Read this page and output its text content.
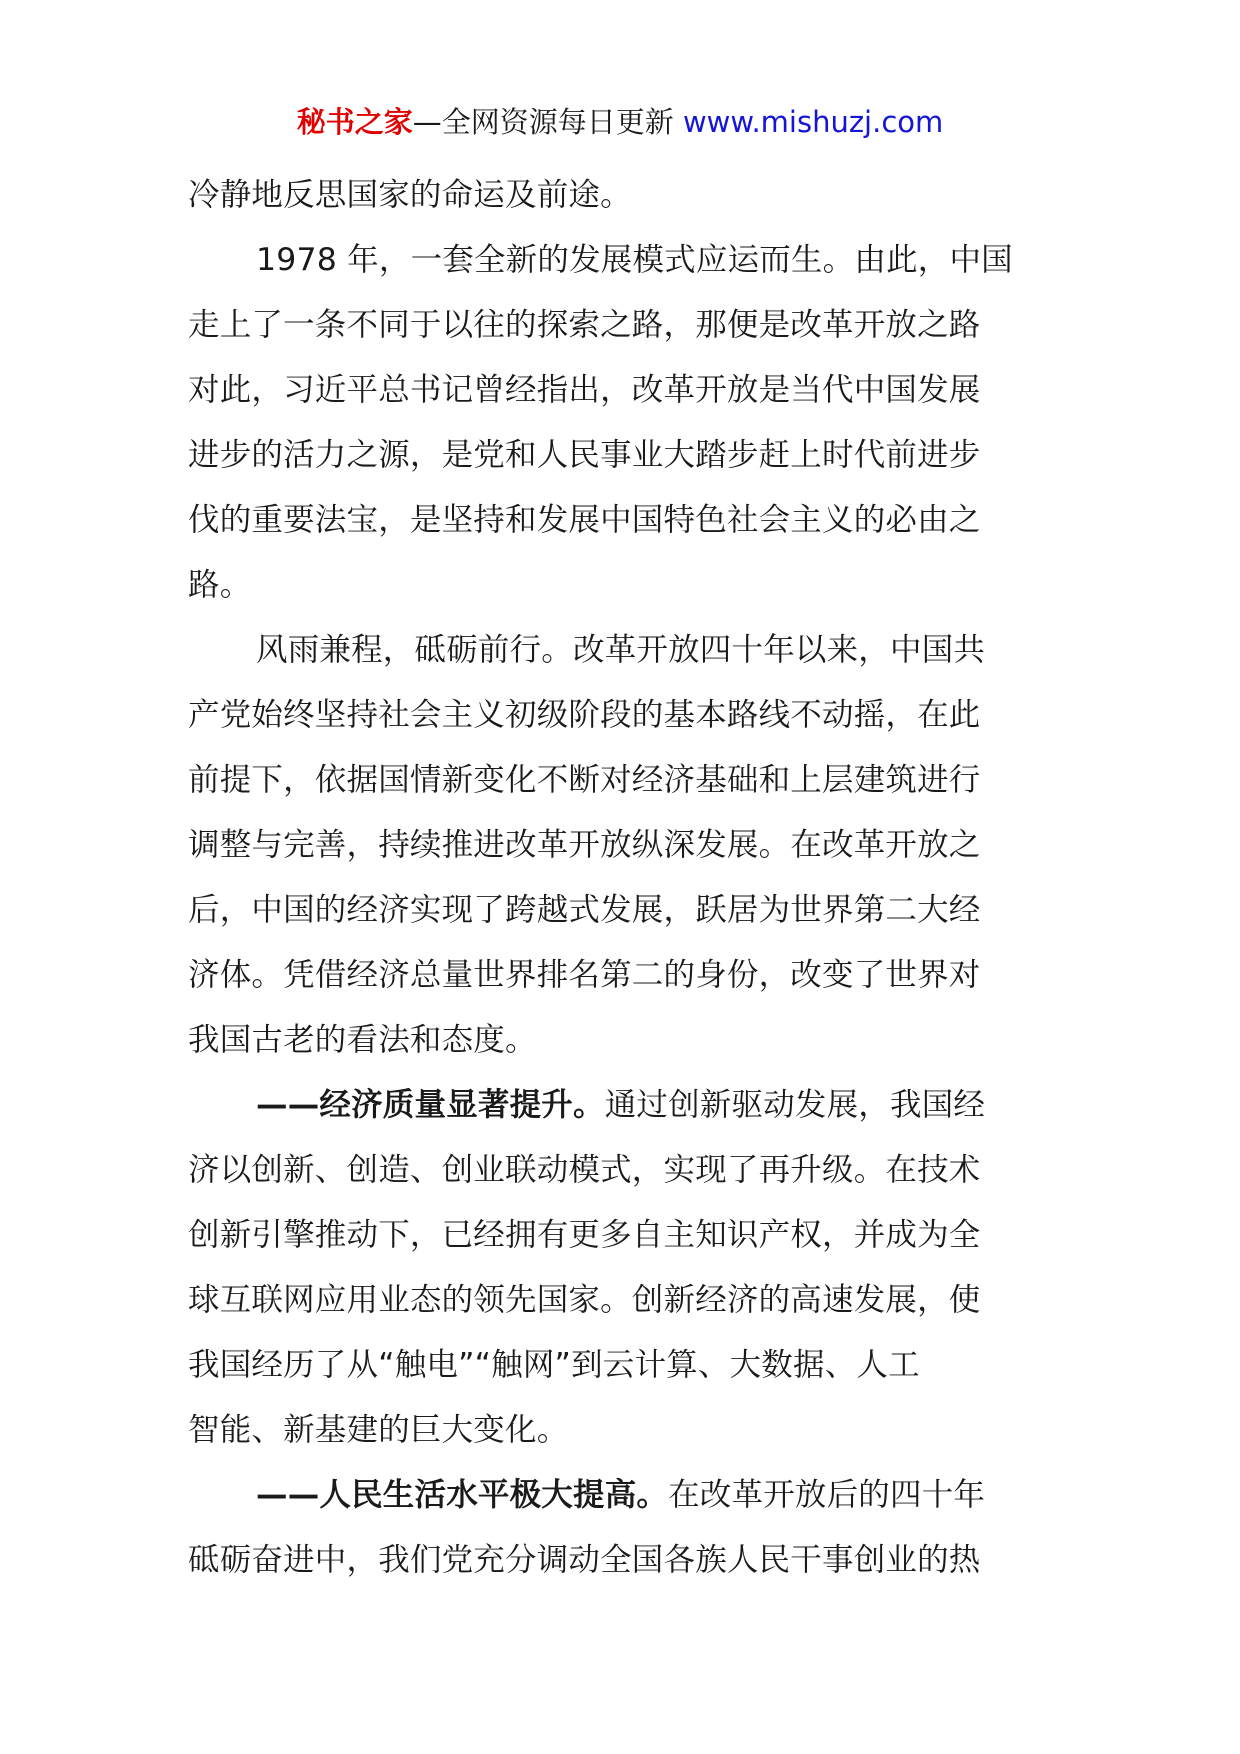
秘书之家—全网资源每日更新 www.mishuzj.com
冷静地反思国家的命运及前途。
1978 年，一套全新的发展模式应运而生。由此，中国
走上了一条不同于以往的探索之路，那便是改革开放之路
对此，习近平总书记曾经指出，改革开放是当代中国发展
进步的活力之源，是党和人民事业大踏步赶上时代前进步
伐的重要法宝，是坚持和发展中国特色社会主义的必由之
路。
风雨兼程，砥砺前行。改革开放四十年以来，中国共
产党始终坚持社会主义初级阶段的基本路线不动摇，在此
前提下，依据国情新变化不断对经济基础和上层建筑进行
调整与完善，持续推进改革开放纵深发展。在改革开放之
后，中国的经济实现了跨越式发展，跃居为世界第二大经
济体。凭借经济总量世界排名第二的身份，改变了世界对
我国古老的看法和态度。
——经济质量显著提升。通过创新驱动发展，我国经
济以创新、创造、创业联动模式，实现了再升级。在技术
创新引擎推动下，已经拥有更多自主知识产权，并成为全
球互联网应用业态的领先国家。创新经济的高速发展，使
我国经历了从“触电”“触网”到云计算、大数据、人工
智能、新基建的巨大变化。
——人民生活水平极大提高。在改革开放后的四十年
砥砺奋进中，我们党充分调动全国各族人民干事创业的热
